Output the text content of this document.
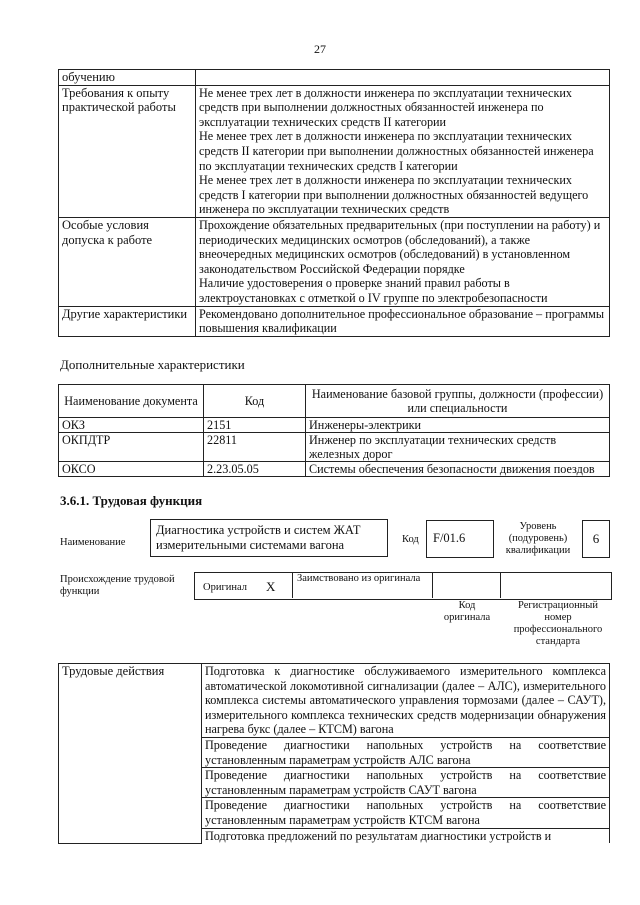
27
обучению	
Требования к опыту практической работы	Не менее трех лет в должности инженера по эксплуатации технических средств при выполнении должностных обязанностей инженера по эксплуатации технических средств II категории
Не менее трех лет в должности инженера по эксплуатации технических средств II категории при выполнении должностных обязанностей инженера по эксплуатации технических средств I категории
Не менее трех лет в должности инженера по эксплуатации технических средств I категории при выполнении должностных обязанностей ведущего инженера по эксплуатации технических средств

Особые условия допуска к работе	Прохождение обязательных предварительных (при поступлении на работу) и периодических медицинских осмотров (обследований), а также внеочередных медицинских осмотров (обследований) в установленном законодательством Российской Федерации порядке
Наличие удостоверения о проверке знаний правил работы в электроустановках с отметкой о IV группе по электробезопасности

Другие характеристики	Рекомендовано дополнительное профессиональное образование – программы повышения квалификации
Дополнительные характеристики
Наименование документа	Код	Наименование базовой группы, должности (профессии) или специальности
ОКЗ	2151	Инженеры-электрики
ОКПДТР	22811	Инженер по эксплуатации технических средств железных дорог
ОКСО	2.23.05.05	Системы обеспечения безопасности движения поездов
3.6.1. Трудовая функция
Наименование
Диагностика устройств и систем ЖАТ измерительными системами вагона	Код	F/01.6
Уровень (подуровень) квалификации
6
Происхождение трудовой функции	Оригинал X
Заимствовано из оригинала
Код оригинала
Регистрационный номер профессионального стандарта
Трудовые действия	Подготовка к диагностике обслуживаемого измерительного комплекса автоматической локомотивной сигнализации (далее – АЛС), измерительного комплекса системы автоматического управления тормозами (далее – САУТ), измерительного комплекса технических средств модернизации обнаружения нагрева букс (далее – КТСМ) вагона
Проведение диагностики напольных устройств на соответствие установленным параметрам устройств АЛС вагона
Проведение диагностики напольных устройств на соответствие установленным параметрам устройств САУТ вагона
Проведение диагностики напольных устройств на соответствие установленным параметрам устройств КТСМ вагона
Подготовка предложений по результатам диагностики устройств и
